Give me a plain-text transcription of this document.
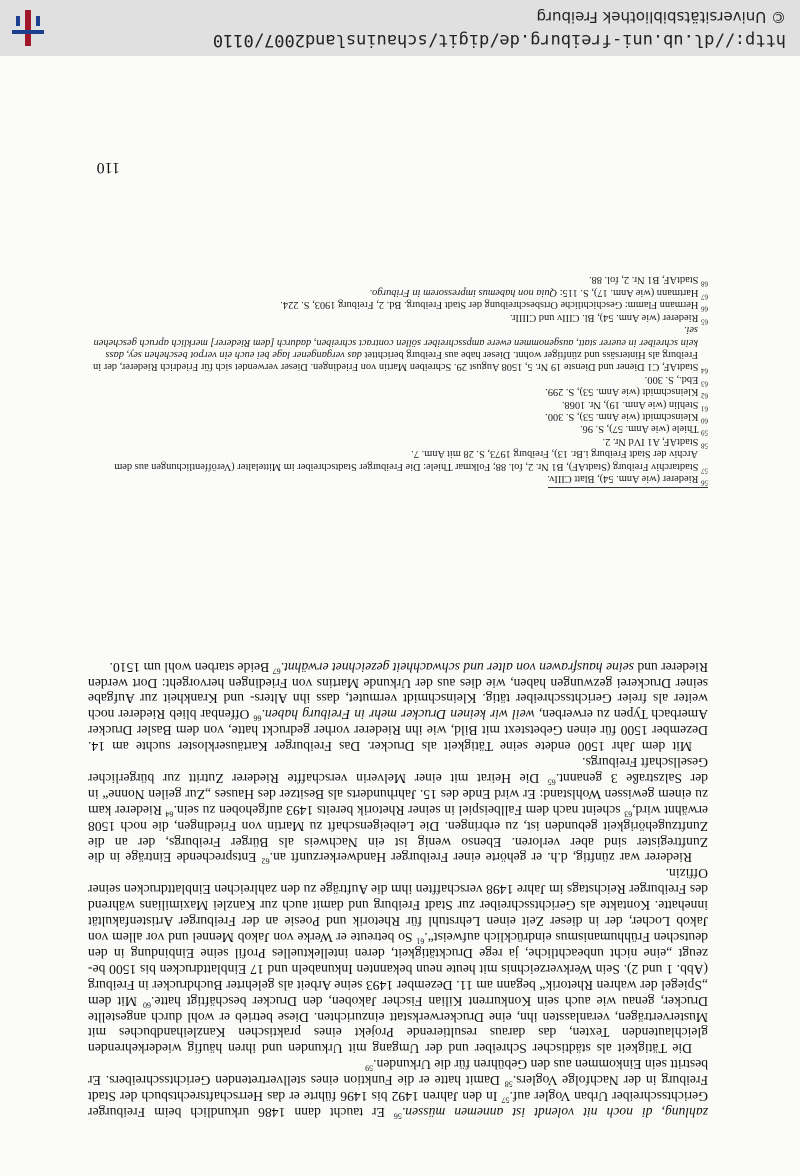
zahlung, di noch nit volendt ist annemen müssen.$^{56}$ Er taucht dann 1486 urkundlich beim Freiburger Gerichtsschreiber Urban Vogler auf.$^{57}$ In den Jahren 1492 bis 1496 führte er das Herrschaftsrechtsbuch der Stadt Freiburg in der Nachfolge Voglers.$^{58}$ Damit hatte er die Funktion eines stellvertretenden Gerichtsschreibers. Er bestritt sein Einkommen aus den Gebühren für die Urkunden.$^{59}$

Die Tätigkeit als städtischer Schreiber und der Umgang mit Urkunden und ihren häufig wiederkehrenden gleichlautenden Texten, das daraus resultierende Projekt eines praktischen Kanzleihandbuches mit Musterverträgen, veranlassten ihn, eine Druckerwerkstatt einzurichten. Diese betrieb er wohl durch angestellte Drucker, genau wie auch sein Konkurrent Kilian Fischer Jakoben, den Drucker beschäftigt hatte.$^{60}$ Mit dem „Spiegel der wahren Rhetorik“ begann am 11. Dezember 1493 seine Arbeit als gelehrter Buchdrucker in Freiburg (Abb. 1 und 2). Sein Werkverzeichnis mit heute neun bekannten Inkunabeln und 17 Einblattdrucken bis 1500 bezeugt „eine nicht unbeachtliche, ja rege Drucktätigkeit, deren intellektuelles Profil seine Einbindung in den deutschen Frühhumanismus eindrücklich aufweist“.$^{61}$ So betreute er Werke von Jakob Mennel und vor allem von Jakob Locher, der in dieser Zeit einen Lehrstuhl für Rhetorik und Poesie an der Freiburger Artistenfakultät innehatte. Kontakte als Gerichtsschreiber zur Stadt Freiburg und damit auch zur Kanzlei Maximilians während des Freiburger Reichstags im Jahre 1498 verschafften ihm die Aufträge zu den zahlreichen Einblattdrucken seiner Offizin.

Riederer war zünftig, d.h. er gehörte einer Freiburger Handwerkerzunft an.$^{62}$ Entsprechende Einträge in die Zunftregister sind aber verloren. Ebenso wenig ist ein Nachweis als Bürger Freiburgs, der an die Zunftzugehörigkeit gebunden ist, zu erbringen. Die Leibeigenschaft zu Martin von Friedingen, die noch 1508 erwähnt wird,$^{63}$ scheint nach dem Fallbeispiel in seiner Rhetorik bereits 1493 aufgehoben zu sein.$^{64}$ Riederer kam zu einem gewissen Wohlstand: Er wird Ende des 15. Jahrhunderts als Besitzer des Hauses „Zur geilen Nonne“ in der Salzstraße 3 genannt.$^{65}$ Die Heirat mit einer Melverin verschaffte Riederer Zutritt zur bürgerlicher Gesellschaft Freiburgs.

Mit dem Jahr 1500 endete seine Tätigkeit als Drucker. Das Freiburger Kartäuserkloster suchte am 14. Dezember 1500 für einen Gebetstext mit Bild, wie ihn Riederer vorher gedruckt hatte, von dem Basler Drucker Amerbach Typen zu erwerben, weil wir keinen Drucker mehr in Freiburg haben.$^{66}$ Offenbar blieb Riederer noch weiter als freier Gerichtsschreiber tätig. Kleinschmidt vermutet, dass ihn Alters- und Krankheit zur Aufgabe seiner Druckerei gezwungen haben, wie dies aus der Urkunde Martins von Friedingen hervorgeht: Dort werden Riederer und seine hausfrawen von alter und schwachheit gezeichnet erwähnt.$^{67}$ Beide starben wohl um 1510.

$^{56}$ Riederer (wie Anm. 54), Blatt CIIIv.

$^{57}$ Stadtarchiv Freiburg (StadtAF), B1 Nr. 2, fol. 88; Folkmar Thiele: Die Freiburger Stadtschreiber im Mittelalter (Veröffentlichungen aus dem Archiv der Stadt Freiburg i.Br. 13), Freiburg 1973, S. 28 mit Anm. 7.

$^{58}$ StadtAF, A1 IVd Nr. 2.

$^{59}$ Thiele (wie Anm. 57), S. 96.

$^{60}$ Kleinschmidt (wie Anm. 53), S. 300.

$^{61}$ Stehlin (wie Anm. 19), Nr. 1068.

$^{62}$ Kleinschmidt (wie Anm. 53), S. 299.

$^{63}$ Ebd., S. 300.

$^{64}$ StadtAF, C1 Diener und Dienste 19 Nr. 5, 1508 August 29. Schreiben Martin von Friedingen. Dieser verwendet sich für Friedrich Riederer, der in Freiburg als Hintersäss und zünftiger wohnt. Dieser habe aus Freiburg berichttet das vergangener lage bei euch ein verpot beschehen sey, dass kein schreiber in euerer statt, ausgenommen ewere ampsschreiber söllen contract schreiben, dadurch [dem Riederer] merklich apruch geschehen sei.

$^{65}$ Riederer (wie Anm. 54), Bl. CIIIv und CIIIIr.

$^{66}$ Hermann Flamm: Geschichtliche Ortsbeschreibung der Stadt Freiburg. Bd. 2, Freiburg 1903, S. 224.

$^{67}$ Hartmann (wie Anm. 17), S. 115: Quia non habemus impressorem in Friburgo.

$^{68}$ StadtAF, B1 Nr. 2, fol. 88.

110
http://dl.ub.uni-freiburg.de/digit/schauinsland2007/0110
© Universitätsbibliothek Freiburg
